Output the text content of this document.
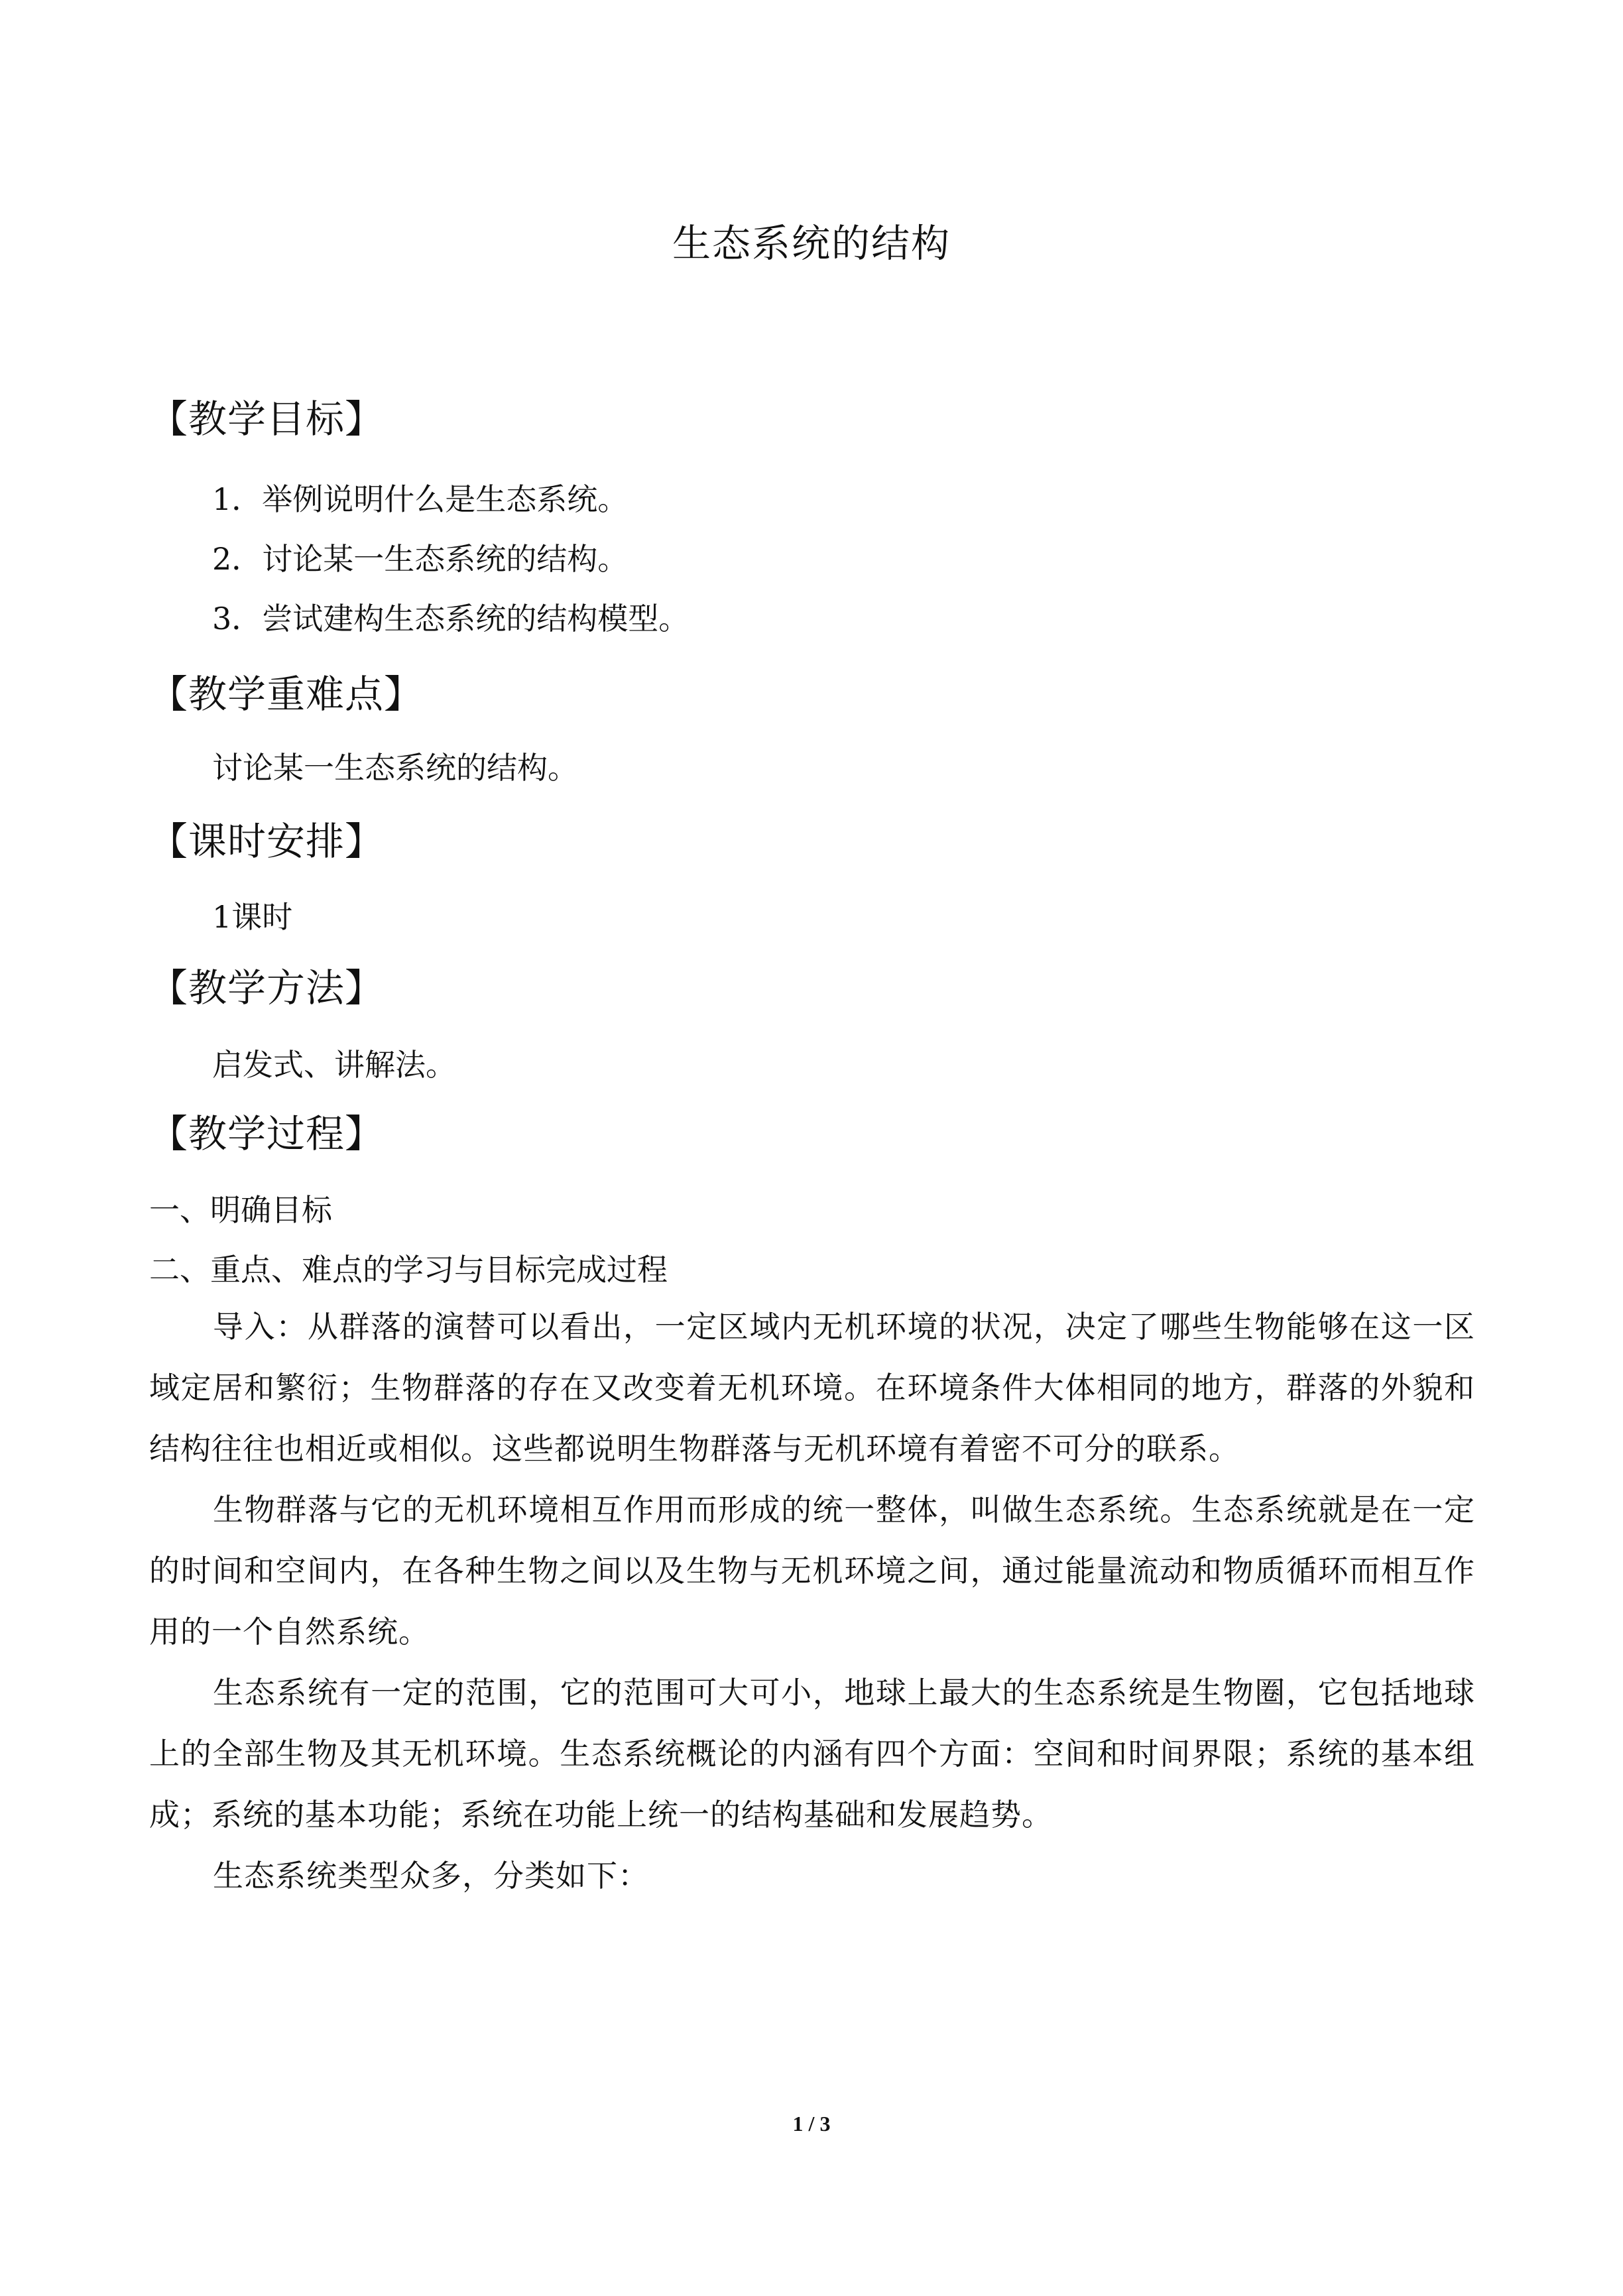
生态系统的结构
【教学目标】
1．举例说明什么是生态系统。
2．讨论某一生态系统的结构。
3．尝试建构生态系统的结构模型。
【教学重难点】
讨论某一生态系统的结构。
【课时安排】
1课时
【教学方法】
启发式、讲解法。
【教学过程】
一、明确目标
二、重点、难点的学习与目标完成过程
导入：从群落的演替可以看出，一定区域内无机环境的状况，决定了哪些生物能够在这一区域定居和繁衍；生物群落的存在又改变着无机环境。在环境条件大体相同的地方，群落的外貌和结构往往也相近或相似。这些都说明生物群落与无机环境有着密不可分的联系。
生物群落与它的无机环境相互作用而形成的统一整体，叫做生态系统。生态系统就是在一定的时间和空间内，在各种生物之间以及生物与无机环境之间，通过能量流动和物质循环而相互作用的一个自然系统。
生态系统有一定的范围，它的范围可大可小，地球上最大的生态系统是生物圈，它包括地球上的全部生物及其无机环境。生态系统概论的内涵有四个方面：空间和时间界限；系统的基本组成；系统的基本功能；系统在功能上统一的结构基础和发展趋势。
生态系统类型众多，分类如下：
1 / 3
